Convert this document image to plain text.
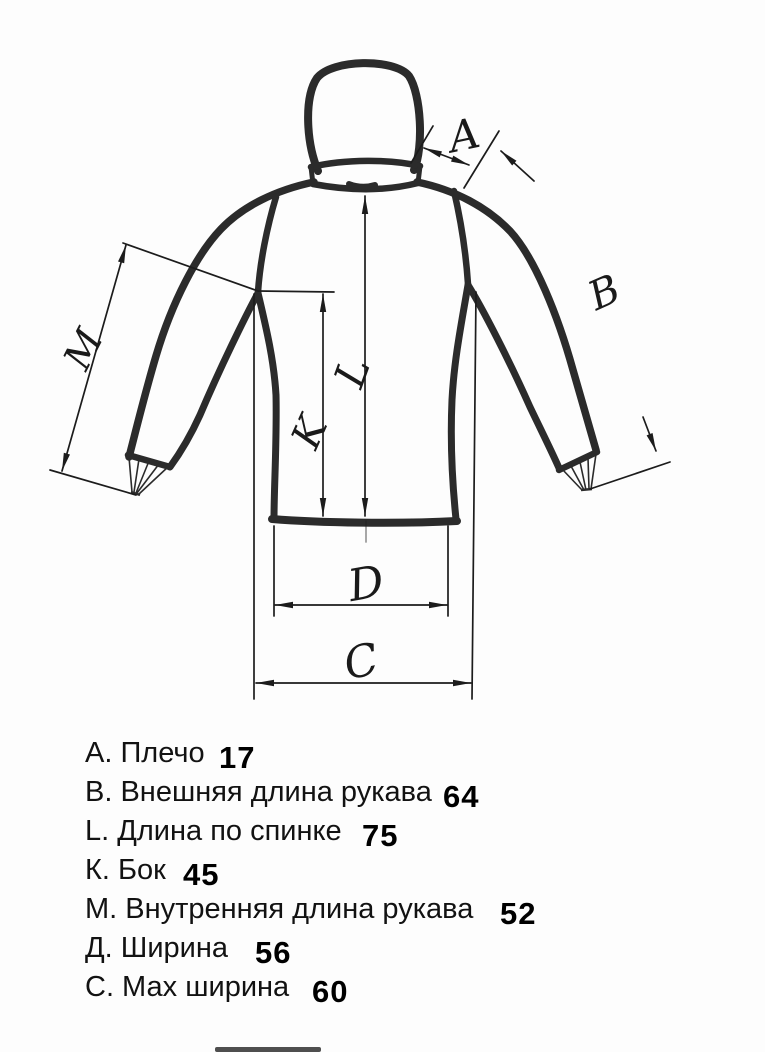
A
B
M	L
K
D
C
А. Плечо 17
В. Внешняя длина рукава 64
L. Длина по спинке 75
К. Бок 45
М. Внутренняя длина рукава 52
Д. Ширина 56
С. Мах ширина 60
